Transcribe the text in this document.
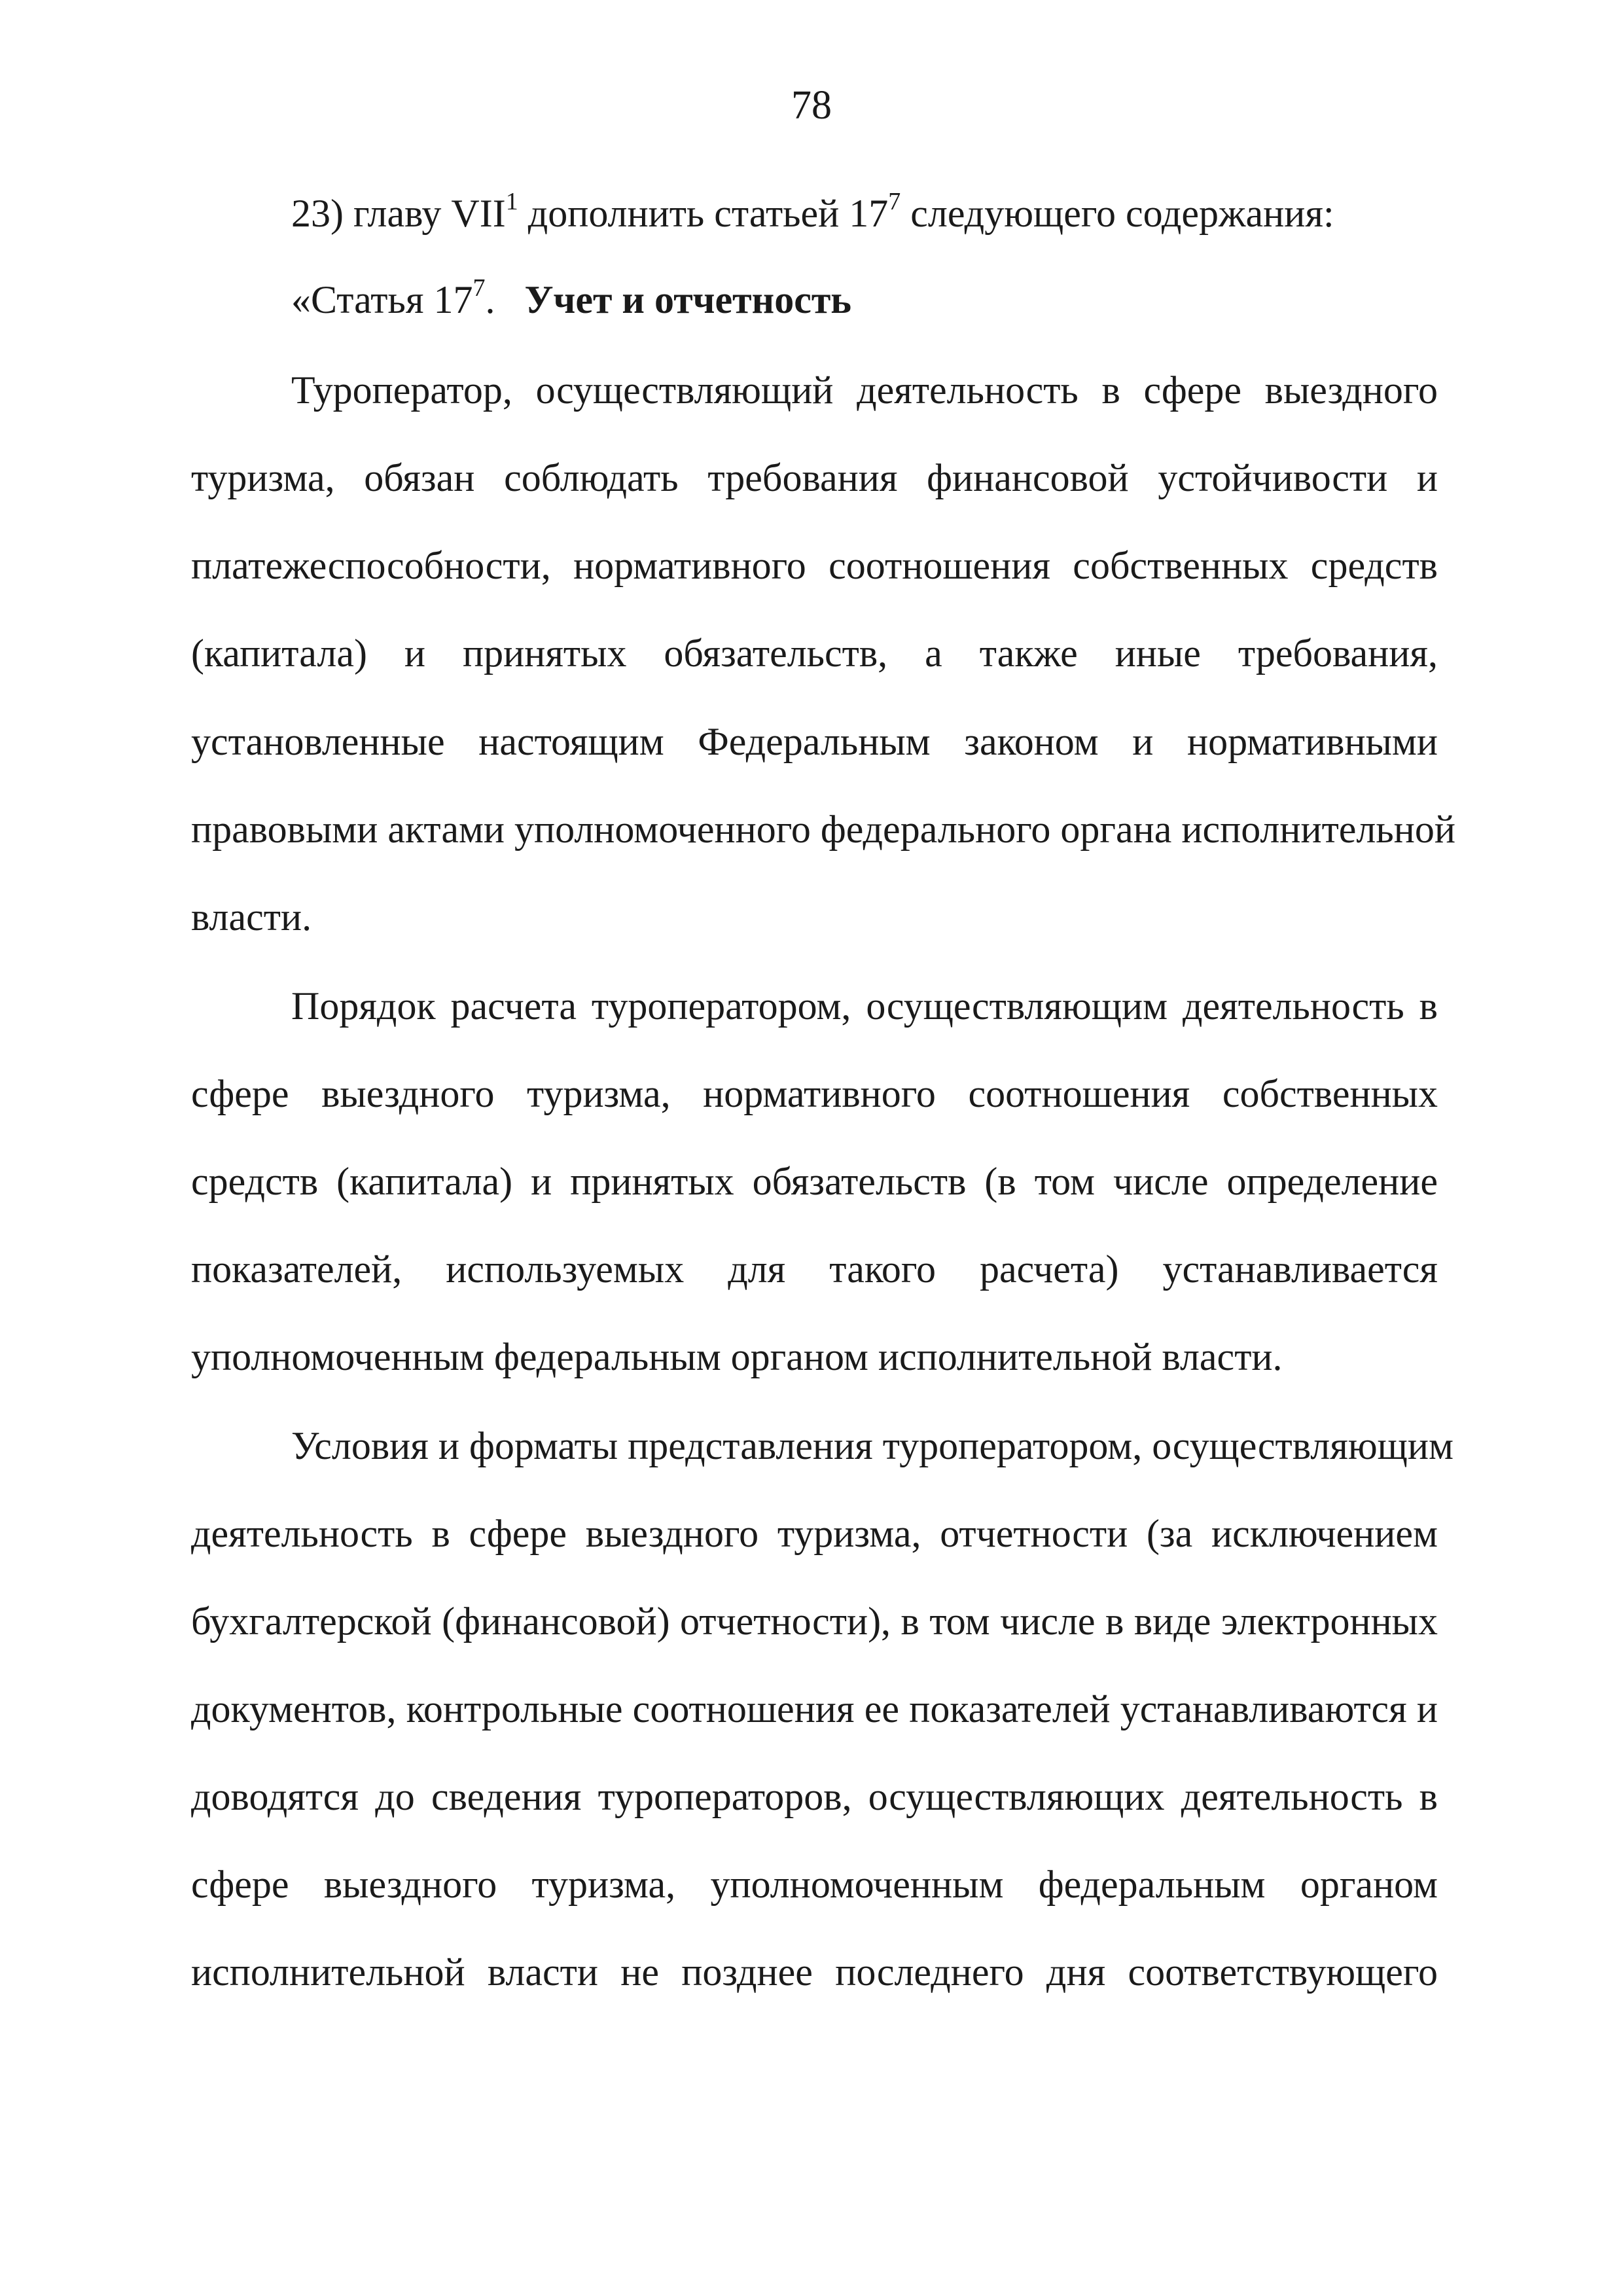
78
23) главу VII$^1$ дополнить статьей $17^7$ следующего содержания:
«Статья $17^7$. Учет и отчетность
Туроператор, осуществляющий деятельность в сфере выездного
туризма, обязан соблюдать требования финансовой устойчивости и
платежеспособности, нормативного соотношения собственных средств
(капитала) и принятых обязательств, а также иные требования,
установленные настоящим Федеральным законом и нормативными
правовыми актами уполномоченного федерального органа исполнительной
власти.
Порядок расчета туроператором, осуществляющим деятельность в
сфере выездного туризма, нормативного соотношения собственных
средств (капитала) и принятых обязательств (в том числе определение
показателей, используемых для такого расчета) устанавливается
уполномоченным федеральным органом исполнительной власти.
Условия и форматы представления туроператором, осуществляющим
деятельность в сфере выездного туризма, отчетности (за исключением
бухгалтерской (финансовой) отчетности), в том числе в виде электронных
документов, контрольные соотношения ее показателей устанавливаются и
доводятся до сведения туроператоров, осуществляющих деятельность в
сфере выездного туризма, уполномоченным федеральным органом
исполнительной власти не позднее последнего дня соответствующего
